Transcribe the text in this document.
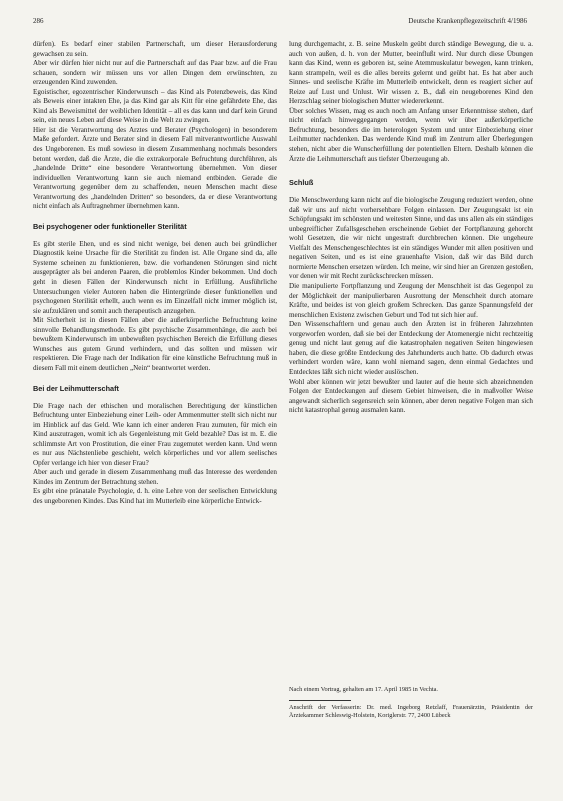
286	Deutsche Krankenpflegezeitschrift 4/1986

dürfen). Es bedarf einer stabilen Partnerschaft, um dieser Herausforderung gewachsen zu sein.

Aber wir dürfen hier nicht nur auf die Partnerschaft auf das Paar bzw. auf die Frau schauen, sondern wir müssen uns vor allen Dingen dem erwünschten, zu erzeugenden Kind zuwenden.

Egoistischer, egozentrischer Kinderwunsch – das Kind als Potenzbeweis, das Kind als Beweis einer intakten Ehe, ja das Kind gar als Kitt für eine gefährdete Ehe, das Kind als Beweismittel der weiblichen Identität – all es das kann und darf kein Grund sein, ein neues Leben auf diese Weise in die Welt zu zwingen.

Hier ist die Verantwortung des Arztes und Berater (Psychologen) in besonderem Maße gefordert. Ärzte und Berater sind in diesem Fall mitverantwortliche Auswahl des Ungeborenen. Es muß sowieso in diesem Zusammenhang nochmals besonders betont werden, daß die Ärzte, die die extrakorporale Befruchtung durchführen, als „handelnde Dritte“ eine besondere Verantwortung übernehmen. Von dieser individuellen Verantwortung kann sie auch niemand entbinden. Gerade die Verantwortung gegenüber dem zu schaffenden, neuen Menschen macht diese Verantwortung des „handelnden Dritten“ so besonders, da er diese Verantwortung nicht einfach als Auftragnehmer übernehmen kann.

Bei psychogener oder funktioneller Sterilität

Es gibt sterile Ehen, und es sind nicht wenige, bei denen auch bei gründlicher Diagnostik keine Ursache für die Sterilität zu finden ist. Alle Organe sind da, alle Systeme scheinen zu funktionieren, bzw. die vorhandenen Störungen sind nicht ausgeprägter als bei anderen Paaren, die problemlos Kinder bekommen. Und doch geht in diesen Fällen der Kinderwunsch nicht in Erfüllung. Ausführliche Untersuchungen vieler Autoren haben die Hintergründe dieser funktionellen und psychogenen Sterilität erhellt, auch wenn es im Einzelfall nicht immer möglich ist, sie aufzuklären und somit auch therapeutisch anzugehen.

Mit Sicherheit ist in diesen Fällen aber die außerkörperliche Befruchtung keine sinnvolle Behandlungsmethode. Es gibt psychische Zusammenhänge, die auch bei bewußtem Kinderwunsch im unbewußten psychischen Bereich die Erfüllung dieses Wunsches aus gutem Grund verhindern, und das sollten und müssen wir respektieren. Die Frage nach der Indikation für eine künstliche Befruchtung muß in diesem Fall mit einem deutlichen „Nein“ beantwortet werden.

Bei der Leihmutterschaft

Die Frage nach der ethischen und moralischen Berechtigung der künstlichen Befruchtung unter Einbeziehung einer Leih- oder Ammenmutter stellt sich nicht nur im Hinblick auf das Geld. Wie kann ich einer anderen Frau zumuten, für mich ein Kind auszutragen, womit ich als Gegenleistung mit Geld bezahle? Das ist m. E. die schlimmste Art von Prostitution, die einer Frau zugemutet werden kann. Und wenn es nur aus Nächstenliebe geschieht, welch körperliches und vor allem seelisches Opfer verlange ich hier von dieser Frau?

Aber auch und gerade in diesem Zusammenhang muß das Interesse des werdenden Kindes im Zentrum der Betrachtung stehen.

Es gibt eine pränatale Psychologie, d. h. eine Lehre von der seelischen Entwicklung des ungeborenen Kindes. Das Kind hat im Mutterleib eine körperliche Entwick-

lung durchgemacht, z. B. seine Muskeln geübt durch ständige Bewegung, die u. a. auch von außen, d. h. von der Mutter, beeinflußt wird. Nur durch diese Übungen kann das Kind, wenn es geboren ist, seine Atemmuskulatur bewegen, kann trinken, kann strampeln, weil es die alles bereits gelernt und geübt hat. Es hat aber auch Sinnes- und seelische Kräfte im Mutterleib entwickelt, denn es reagiert sicher auf Reize auf Lust und Unlust. Wir wissen z. B., daß ein neugeborenes Kind den Herzschlag seiner biologischen Mutter wiedererkennt.

Über solches Wissen, mag es auch noch am Anfang unser Erkenntnisse stehen, darf nicht einfach hinweggegangen werden, wenn wir über außerkörperliche Befruchtung, besonders die im heterologen System und unter Einbeziehung einer Leihmutter nachdenken. Das werdende Kind muß im Zentrum aller Überlegungen stehen, nicht aber die Wunscherfüllung der potentiellen Eltern. Deshalb können die Ärzte die Leihmutterschaft aus tiefster Überzeugung ab.

Schluß

Die Menschwerdung kann nicht auf die biologische Zeugung reduziert werden, ohne daß wir uns auf nicht vorhersehbare Folgen einlassen. Der Zeugungsakt ist ein Schöpfungsakt im schönsten und weitesten Sinne, und das uns allen als ein ständiges unbegreiflicher Zufallsgeschehen erscheinende Gebiet der Fortpflanzung gehorcht wohl Gesetzen, die wir nicht ungestraft durchbrechen können. Die ungeheure Vielfalt des Menschengeschlechtes ist ein ständiges Wunder mit allen positiven und negativen Seiten, und es ist eine grauenhafte Vision, daß wir das Bild durch normierte Menschen ersetzen würden. Ich meine, wir sind hier an Grenzen gestoßen, vor denen wir mit Recht zurückschrecken müssen.

Die manipulierte Fortpflanzung und Zeugung der Menschheit ist das Gegenpol zu der Möglichkeit der manipulierbaren Ausrottung der Menschheit durch atomare Kräfte, und beides ist von gleich großem Schrecken. Das ganze Spannungsfeld der menschlichen Existenz zwischen Geburt und Tod tut sich hier auf.

Den Wissenschaftlern und genau auch den Ärzten ist in früheren Jahrzehnten vorgeworfen worden, daß sie bei der Entdeckung der Atomenergie nicht rechtzeitig genug und nicht laut genug auf die katastrophalen negativen Seiten hingewiesen haben, die diese größte Entdeckung des Jahrhunderts auch hatte. Ob dadurch etwas verhindert worden wäre, kann wohl niemand sagen, denn einmal Gedachtes und Entdecktes läßt sich nicht wieder auslöschen.

Wohl aber können wir jetzt bewußter und lauter auf die heute sich abzeichnenden Folgen der Entdeckungen auf diesem Gebiet hinweisen, die in maßvoller Weise angewandt sicherlich segensreich sein können, aber deren negative Folgen man sich nicht katastrophal genug ausmalen kann.

Nach einem Vortrag, gehalten am 17. April 1985 in Vechta.

Anschrift der Verfasserin: Dr. med. Ingeborg Retzlaff, Frauenärztin, Präsidentin der Ärztekammer Schleswig-Holstein, Koriglerstr. 77, 2400 Lübeck
